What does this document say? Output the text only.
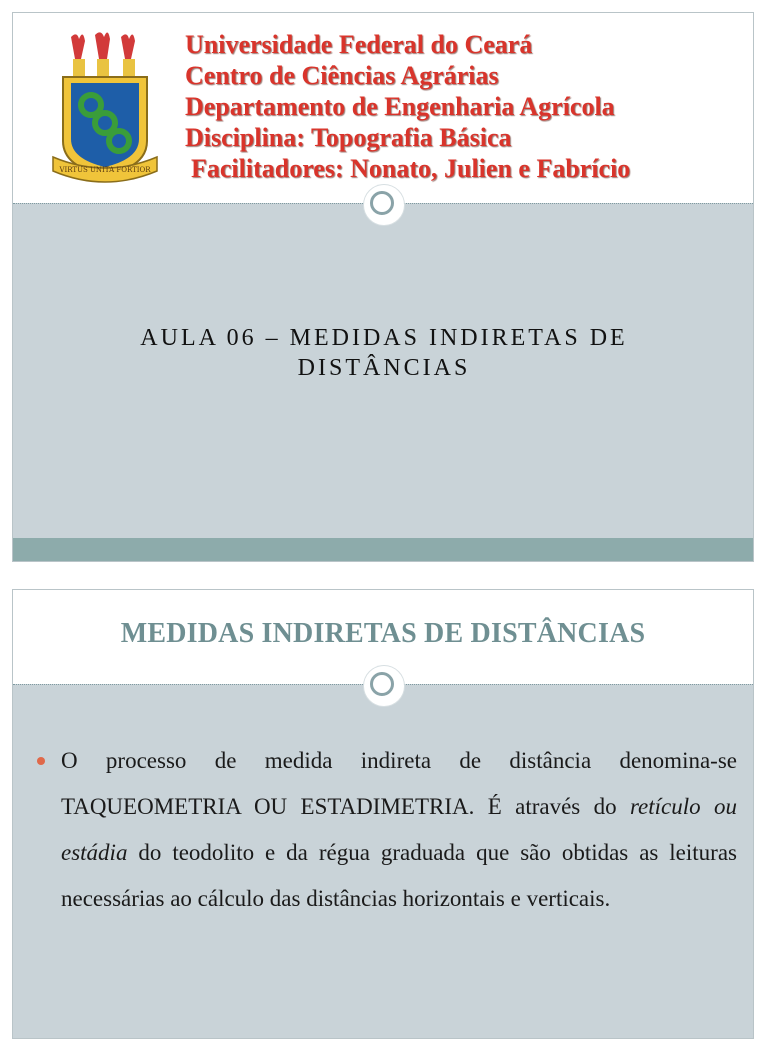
VIRTUS UNITA FORTIOR
Universidade Federal do Ceará
Centro de Ciências Agrárias
Departamento de Engenharia Agrícola
Disciplina: Topografia Básica
Facilitadores: Nonato, Julien e Fabrício
AULA 06 – MEDIDAS INDIRETAS DE
DISTÂNCIAS
MEDIDAS INDIRETAS DE DISTÂNCIAS
O processo de medida indireta de distância denomina-se TAQUEOMETRIA OU ESTADIMETRIA. É através do retículo ou estádia do teodolito e da régua graduada que são obtidas as leituras necessárias ao cálculo das distâncias horizontais e verticais.
